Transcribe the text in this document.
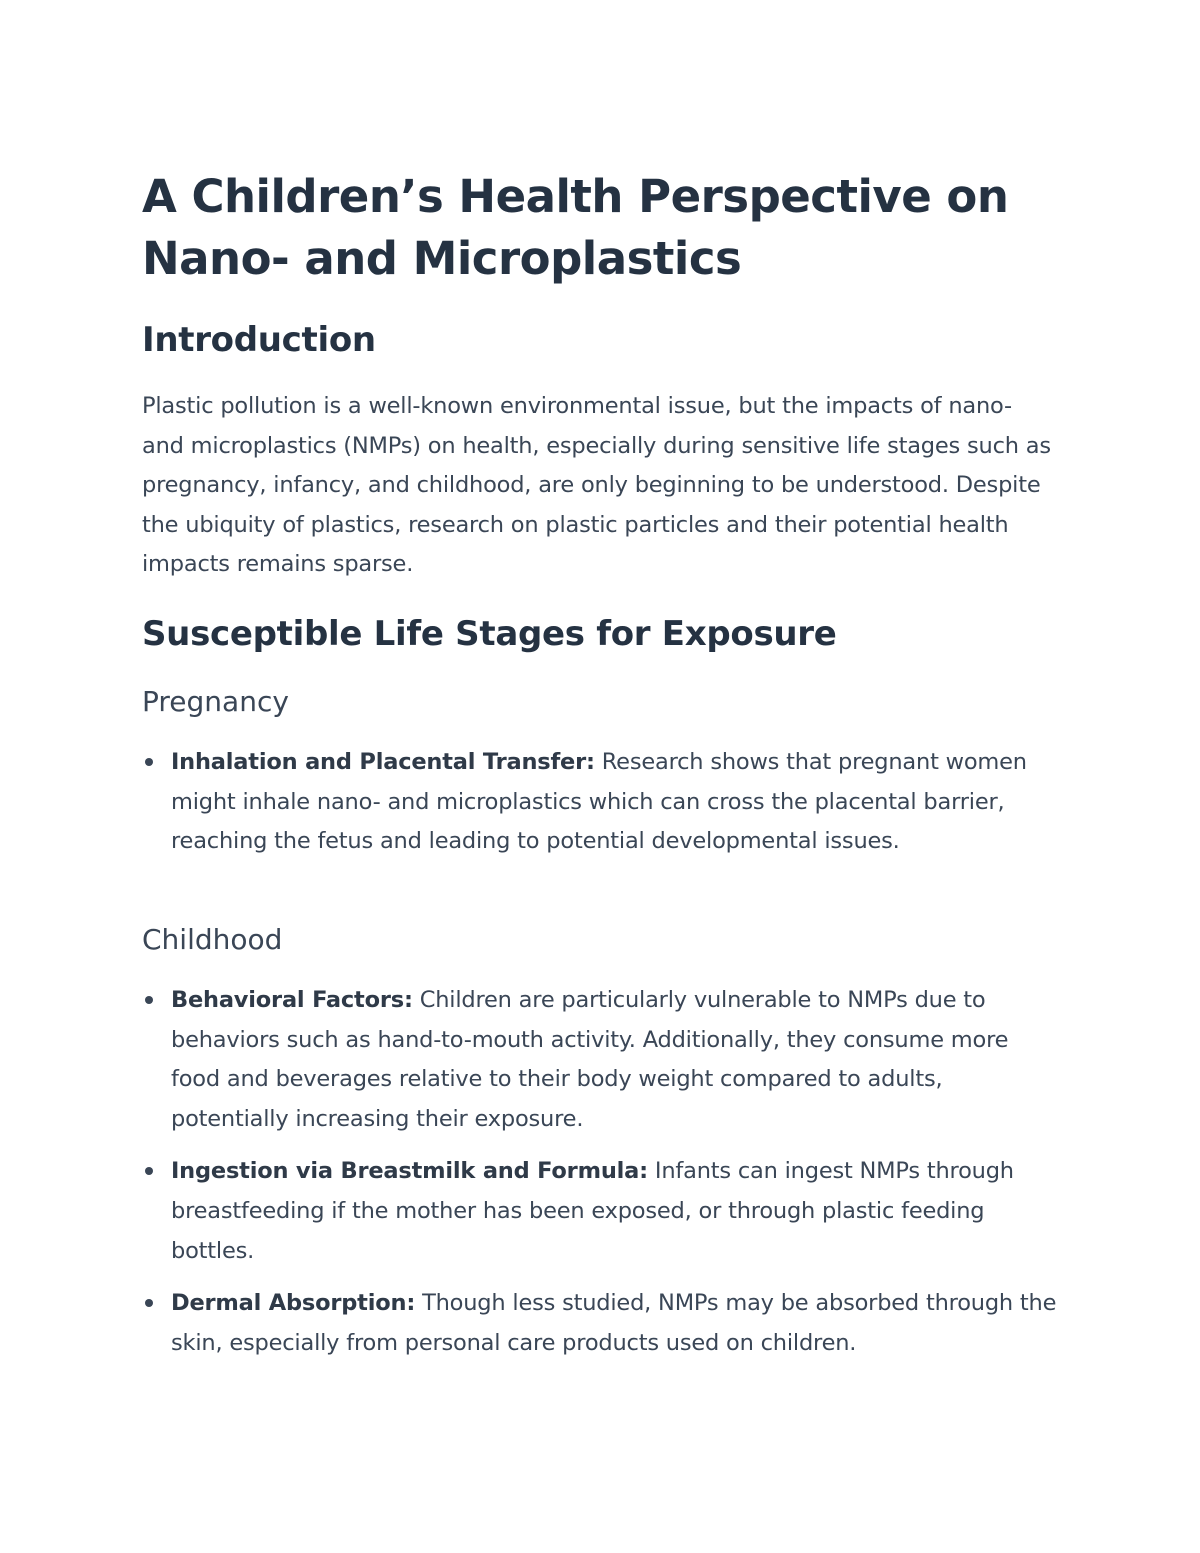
A Children’s Health Perspective on Nano- and Microplastics
Introduction

Plastic pollution is a well-known environmental issue, but the impacts of nano- and microplastics (NMPs) on health, especially during sensitive life stages such as pregnancy, infancy, and childhood, are only beginning to be understood. Despite the ubiquity of plastics, research on plastic particles and their potential health impacts remains sparse.

Susceptible Life Stages for Exposure
Pregnancy
Inhalation and Placental Transfer: Research shows that pregnant women might inhale nano- and microplastics which can cross the placental barrier, reaching the fetus and leading to potential developmental issues.
Childhood
Behavioral Factors: Children are particularly vulnerable to NMPs due to behaviors such as hand-to-mouth activity. Additionally, they consume more food and beverages relative to their body weight compared to adults, potentially increasing their exposure.
Ingestion via Breastmilk and Formula: Infants can ingest NMPs through breastfeeding if the mother has been exposed, or through plastic feeding bottles.
Dermal Absorption: Though less studied, NMPs may be absorbed through the skin, especially from personal care products used on children.
